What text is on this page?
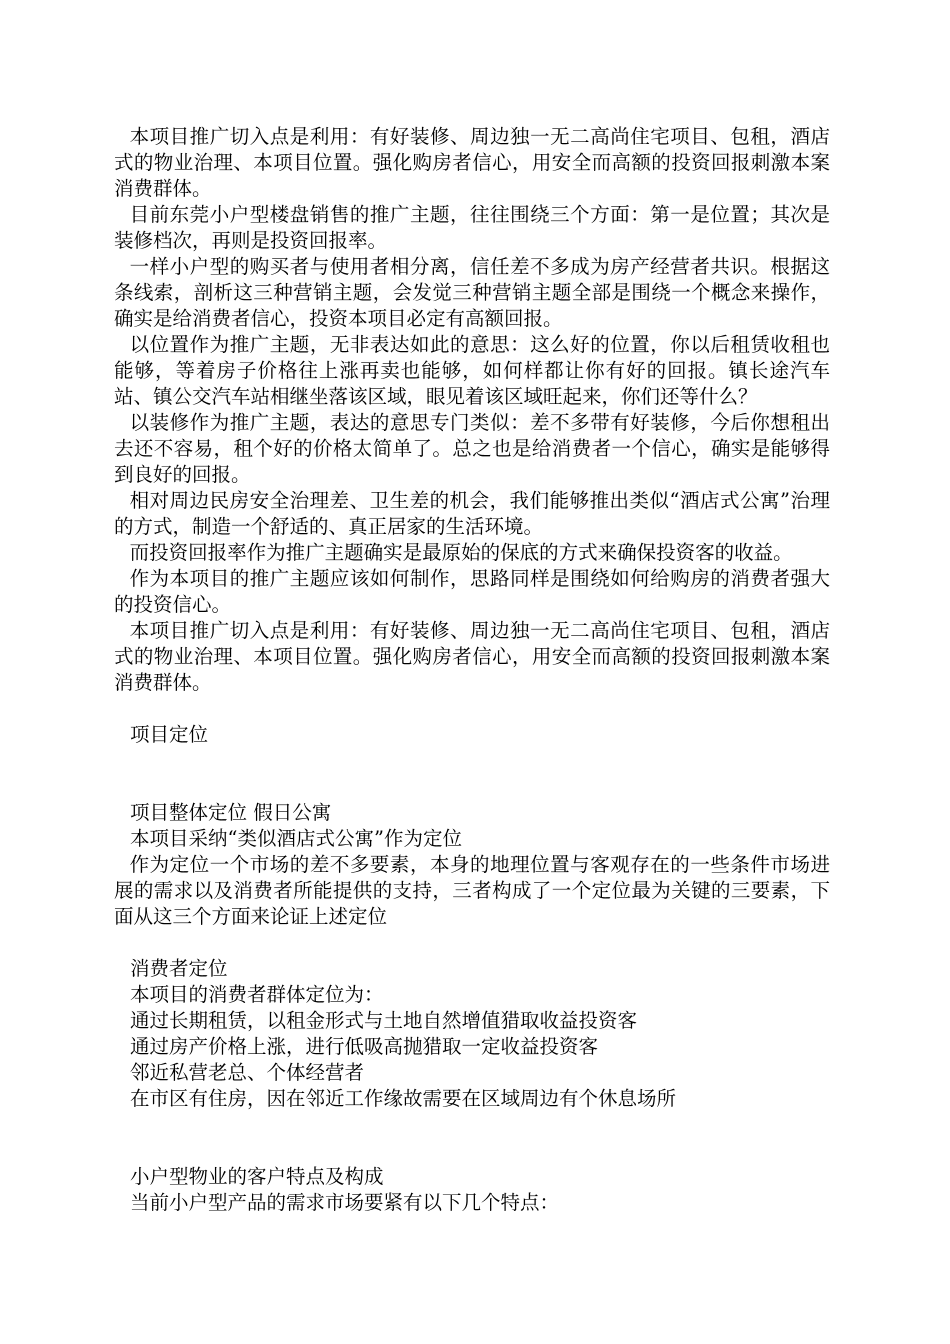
本项目推广切入点是利用：有好装修、周边独一无二高尚住宅项目、包租，酒店式的物业治理、本项目位置。强化购房者信心，用安全而高额的投资回报刺激本案消费群体。

目前东莞小户型楼盘销售的推广主题，往往围绕三个方面：第一是位置；其次是装修档次，再则是投资回报率。

一样小户型的购买者与使用者相分离，信任差不多成为房产经营者共识。根据这条线索，剖析这三种营销主题，会发觉三种营销主题全部是围绕一个概念来操作，确实是给消费者信心，投资本项目必定有高额回报。

以位置作为推广主题，无非表达如此的意思：这么好的位置，你以后租赁收租也能够，等着房子价格往上涨再卖也能够，如何样都让你有好的回报。镇长途汽车站、镇公交汽车站相继坐落该区域，眼见着该区域旺起来，你们还等什么？

以装修作为推广主题，表达的意思专门类似：差不多带有好装修，今后你想租出去还不容易，租个好的价格太简单了。总之也是给消费者一个信心，确实是能够得到良好的回报。

相对周边民房安全治理差、卫生差的机会，我们能够推出类似“酒店式公寓”治理的方式，制造一个舒适的、真正居家的生活环境。

而投资回报率作为推广主题确实是最原始的保底的方式来确保投资客的收益。

作为本项目的推广主题应该如何制作，思路同样是围绕如何给购房的消费者强大的投资信心。

本项目推广切入点是利用：有好装修、周边独一无二高尚住宅项目、包租，酒店式的物业治理、本项目位置。强化购房者信心，用安全而高额的投资回报刺激本案消费群体。

项目定位

项目整体定位 假日公寓

本项目采纳“类似酒店式公寓”作为定位

作为定位一个市场的差不多要素，本身的地理位置与客观存在的一些条件市场进展的需求以及消费者所能提供的支持，三者构成了一个定位最为关键的三要素，下面从这三个方面来论证上述定位

消费者定位

本项目的消费者群体定位为：

通过长期租赁，以租金形式与土地自然增值猎取收益投资客

通过房产价格上涨，进行低吸高抛猎取一定收益投资客

邻近私营老总、个体经营者

在市区有住房，因在邻近工作缘故需要在区域周边有个休息场所

小户型物业的客户特点及构成

当前小户型产品的需求市场要紧有以下几个特点：
